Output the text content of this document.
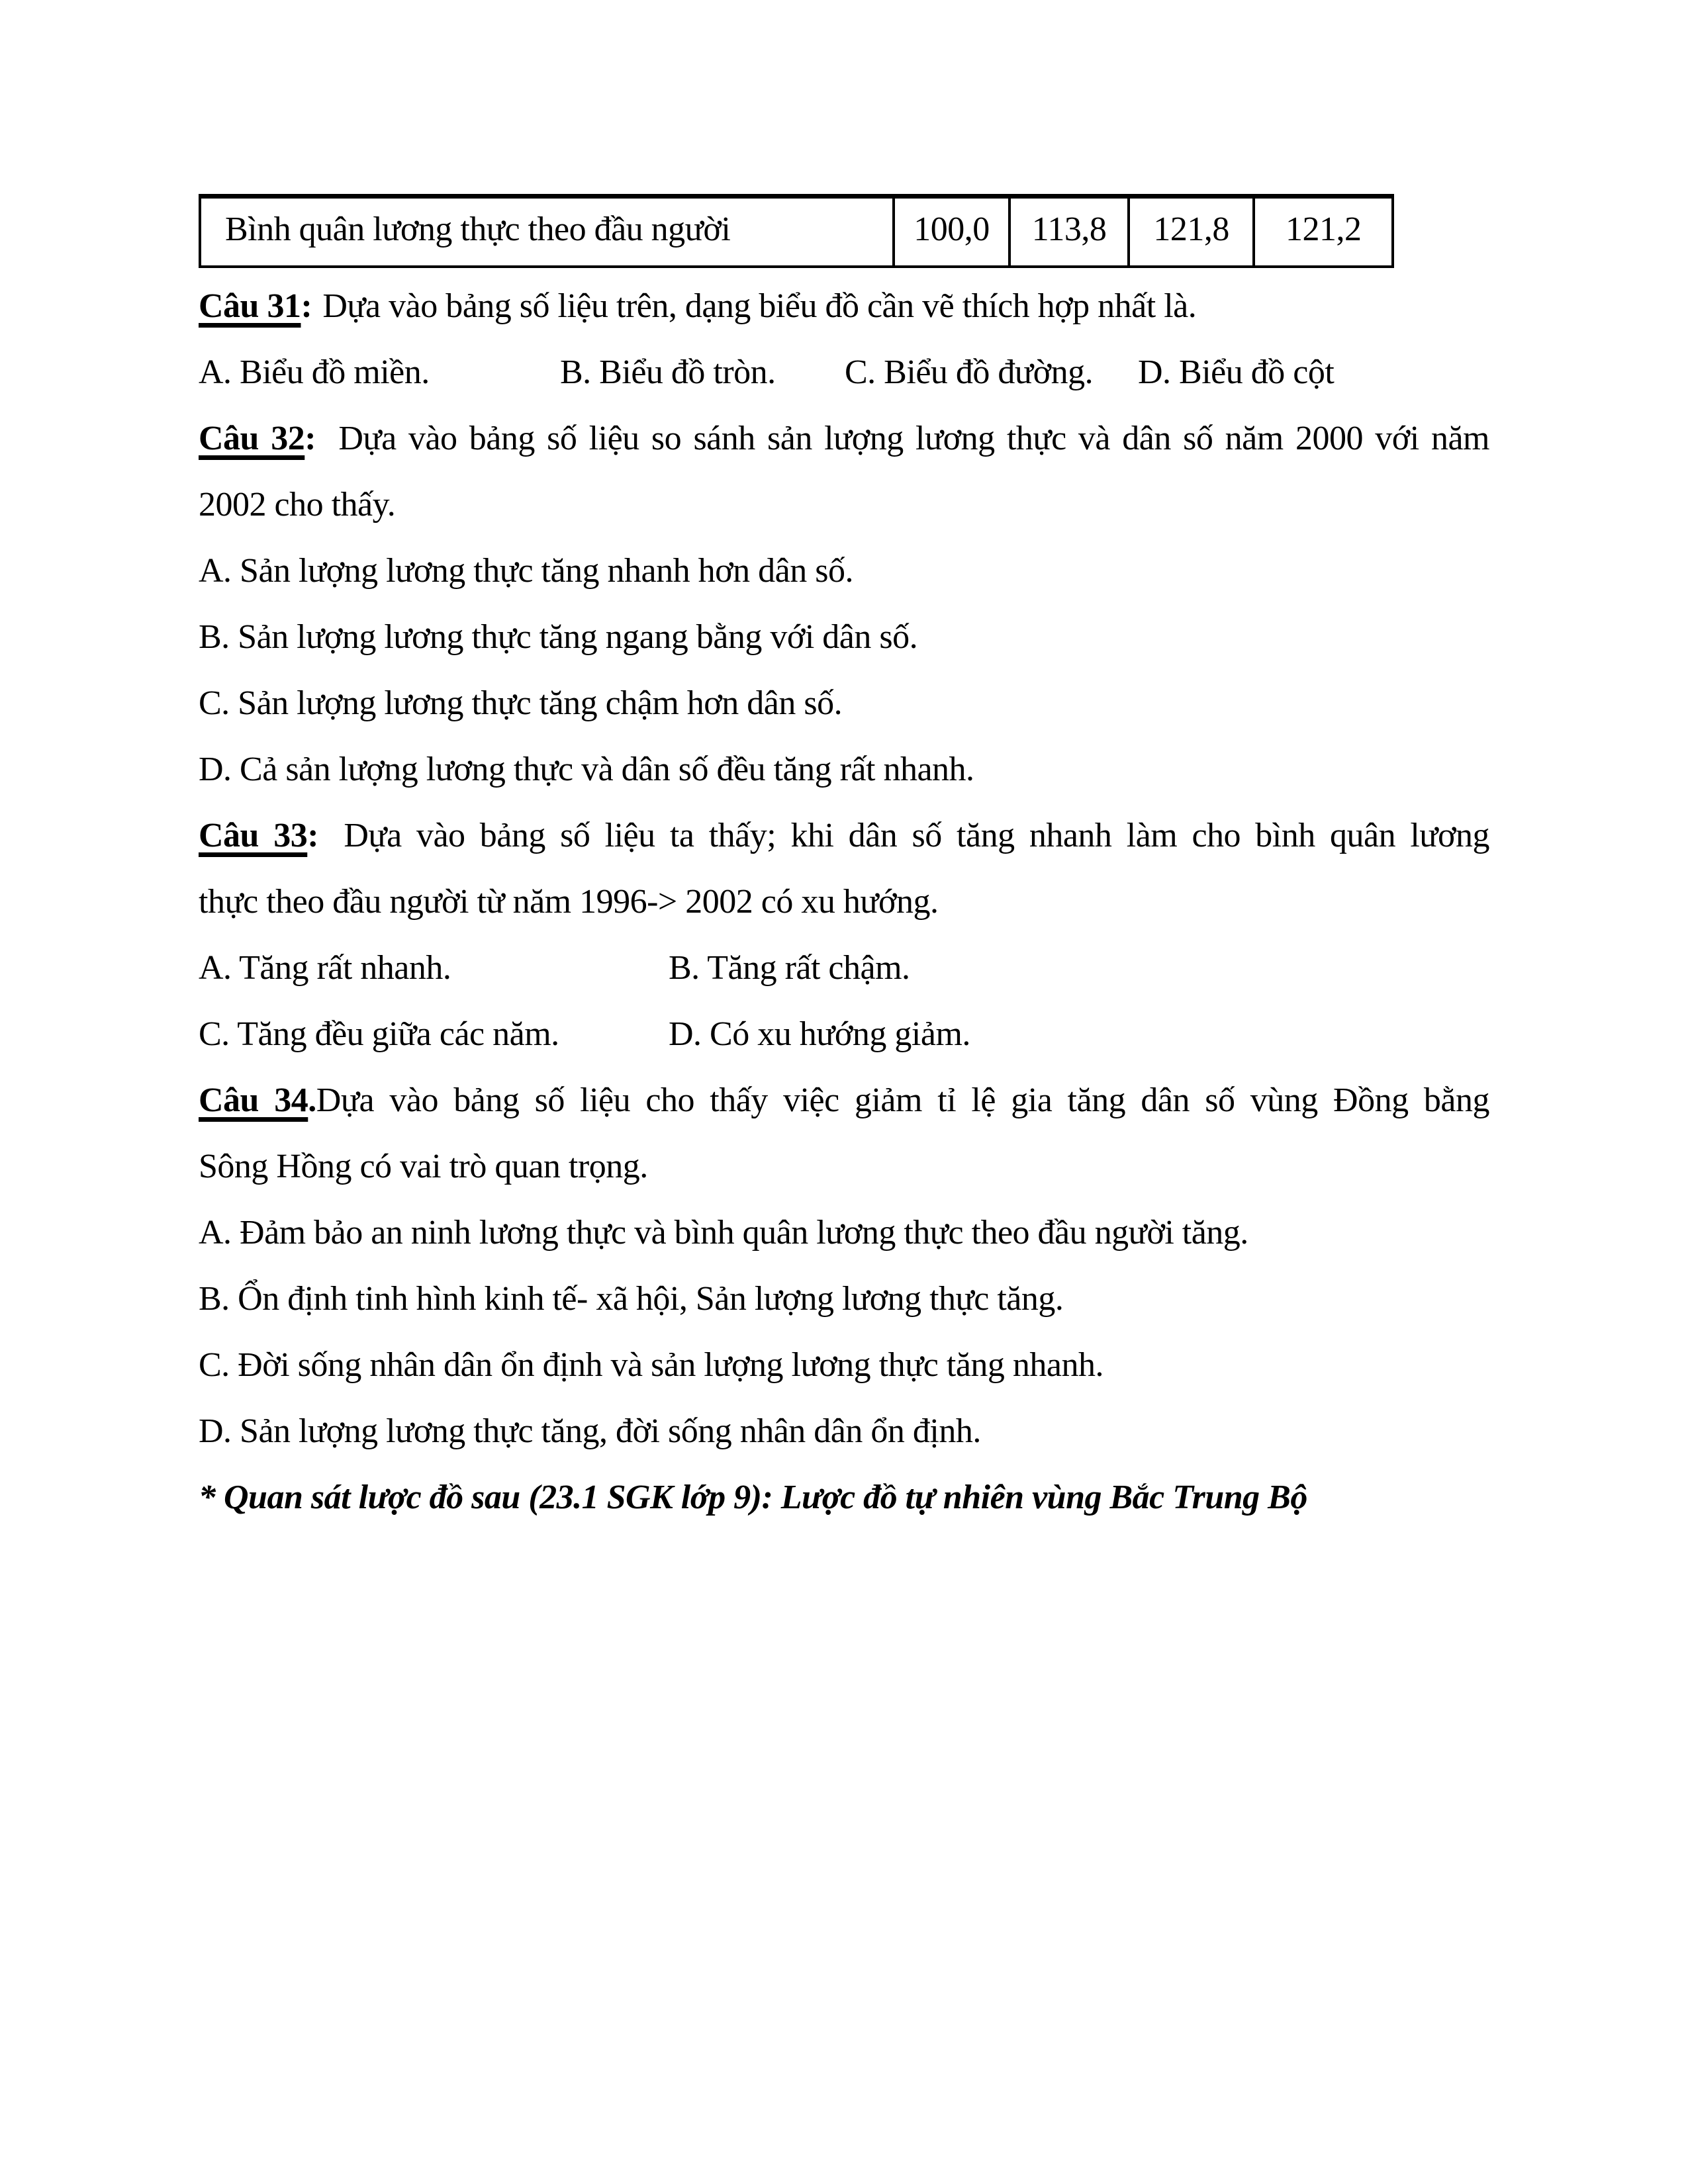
Bình quân lương thực theo đầu người	100,0	113,8	121,8	121,2
Câu 31: Dựa vào bảng số liệu trên, dạng biểu đồ cần vẽ thích hợp nhất là.
A. Biểu đồ miền.	B. Biểu đồ tròn. C. Biểu đồ đường. D. Biểu đồ cột
Câu 32: Dựa vào bảng số liệu so sánh sản lượng lương thực và dân số năm 2000 với năm
2002 cho thấy.
A. Sản lượng lương thực tăng nhanh hơn dân số.
B. Sản lượng lương thực tăng ngang bằng với dân số.
C. Sản lượng lương thực tăng chậm hơn dân số.
D. Cả sản lượng lương thực và dân số đều tăng rất nhanh.
Câu 33: Dựa vào bảng số liệu ta thấy; khi dân số tăng nhanh làm cho bình quân lương
thực theo đầu người từ năm 1996-> 2002 có xu hướng.
A. Tăng rất nhanh.	B. Tăng rất chậm.
C. Tăng đều giữa các năm.	D. Có xu hướng giảm.
Câu 34.Dựa vào bảng số liệu cho thấy việc giảm tỉ lệ gia tăng dân số vùng Đồng bằng
Sông Hồng có vai trò quan trọng.
A. Đảm bảo an ninh lương thực và bình quân lương thực theo đầu người tăng.
B. Ổn định tinh hình kinh tế- xã hội, Sản lượng lương thực tăng.
C. Đời sống nhân dân ổn định và sản lượng lương thực tăng nhanh.
D. Sản lượng lương thực tăng, đời sống nhân dân ổn định.
* Quan sát lược đồ sau (23.1 SGK lớp 9): Lược đồ tự nhiên vùng Bắc Trung Bộ
